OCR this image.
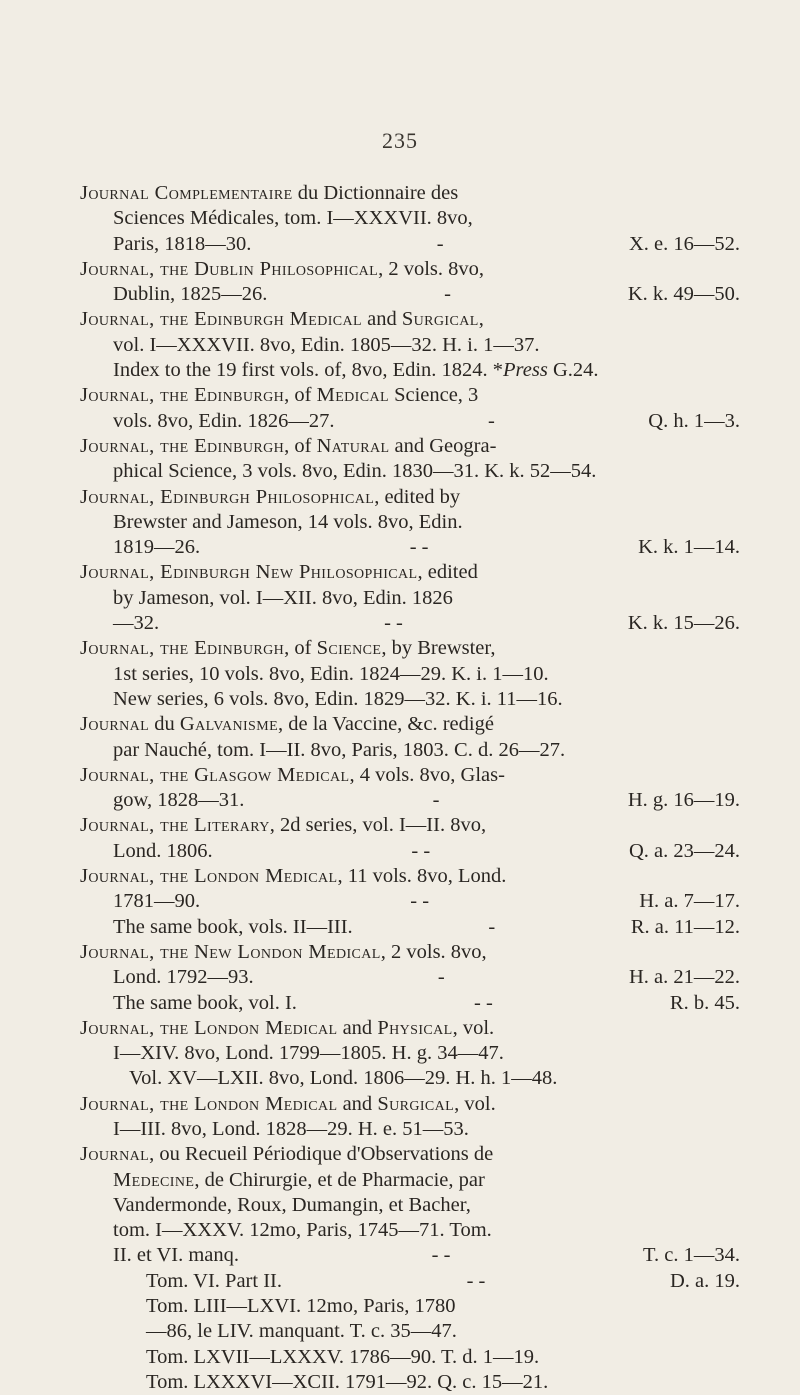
235
Journal Complementaire du Dictionnaire des
Sciences Médicales, tom. I—XXXVII. 8vo,
Paris, 1818—30.	-	X. e. 16—52.
Journal, the Dublin Philosophical, 2 vols. 8vo,
Dublin, 1825—26.	-	K. k. 49—50.
Journal, the Edinburgh Medical and Surgical,
vol. I—XXXVII. 8vo, Edin. 1805—32. H. i. 1—37.
Index to the 19 first vols. of, 8vo, Edin. 1824. *Press G.24.
Journal, the Edinburgh, of Medical Science, 3
vols. 8vo, Edin. 1826—27.	-	Q. h. 1—3.
Journal, the Edinburgh, of Natural and Geogra-
phical Science, 3 vols. 8vo, Edin. 1830—31. K. k. 52—54.
Journal, Edinburgh Philosophical, edited by
Brewster and Jameson, 14 vols. 8vo, Edin.
1819—26.	- -	K. k. 1—14.
Journal, Edinburgh New Philosophical, edited
by Jameson, vol. I—XII. 8vo, Edin. 1826
—32.	- -	K. k. 15—26.
Journal, the Edinburgh, of Science, by Brewster,
1st series, 10 vols. 8vo, Edin. 1824—29. K. i. 1—10.
New series, 6 vols. 8vo, Edin. 1829—32. K. i. 11—16.
Journal du Galvanisme, de la Vaccine, &c. redigé
par Nauché, tom. I—II. 8vo, Paris, 1803. C. d. 26—27.
Journal, the Glasgow Medical, 4 vols. 8vo, Glas-
gow, 1828—31.	-	H. g. 16—19.
Journal, the Literary, 2d series, vol. I—II. 8vo,
Lond. 1806.	- -	Q. a. 23—24.
Journal, the London Medical, 11 vols. 8vo, Lond.
1781—90.	- -	H. a. 7—17.
The same book, vols. II—III.	-	R. a. 11—12.
Journal, the New London Medical, 2 vols. 8vo,
Lond. 1792—93.	-	H. a. 21—22.
The same book, vol. I.	- -	R. b. 45.
Journal, the London Medical and Physical, vol.
I—XIV. 8vo, Lond. 1799—1805. H. g. 34—47.
Vol. XV—LXII. 8vo, Lond. 1806—29. H. h. 1—48.
Journal, the London Medical and Surgical, vol.
I—III. 8vo, Lond. 1828—29. H. e. 51—53.
Journal, ou Recueil Périodique d'Observations de
Medecine, de Chirurgie, et de Pharmacie, par
Vandermonde, Roux, Dumangin, et Bacher,
tom. I—XXXV. 12mo, Paris, 1745—71. Tom.
II. et VI. manq.	- -	T. c. 1—34.
Tom. VI. Part II.	- -	D. a. 19.
Tom. LIII—LXVI. 12mo, Paris, 1780
—86, le LIV. manquant. T. c. 35—47.
Tom. LXVII—LXXXV. 1786—90. T. d. 1—19.
Tom. LXXXVI—XCII. 1791—92. Q. c. 15—21.
